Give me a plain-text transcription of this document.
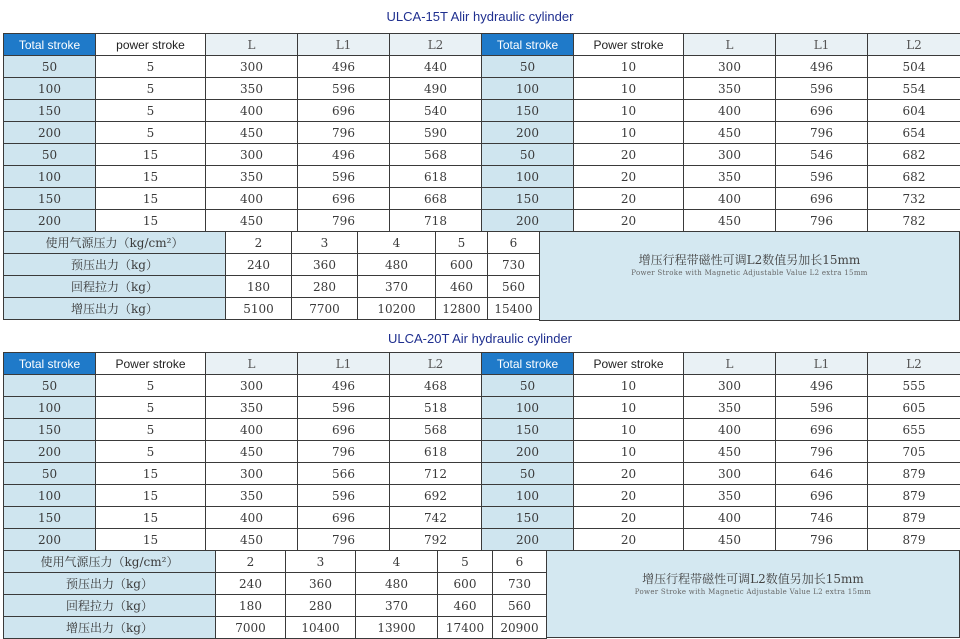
ULCA-15T Alir hydraulic cylinder
Total stroke	power stroke	L	L1	L2	Total stroke	Power stroke	L	L1	L2
50	5	300	496	440	50	10	300	496	504
100	5	350	596	490	100	10	350	596	554
150	5	400	696	540	150	10	400	696	604
200	5	450	796	590	200	10	450	796	654
50	15	300	496	568	50	20	300	546	682
100	15	350	596	618	100	20	350	596	682
150	15	400	696	668	150	20	400	696	732
200	15	450	796	718	200	20	450	796	782
使用气源压力（kg/cm²）	2	3	4	5	6
预压出力（kg）	240	360	480	600	730
回程拉力（kg）	180	280	370	460	560
增压出力（kg）	5100	7700	10200	12800	15400
增压行程带磁性可调L2数值另加长15mm
Power Stroke with Magnetic Adjustable Value L2 extra 15mm
ULCA-20T Air hydraulic cylinder
Total stroke	Power stroke	L	L1	L2	Total stroke	Power stroke	L	L1	L2
50	5	300	496	468	50	10	300	496	555
100	5	350	596	518	100	10	350	596	605
150	5	400	696	568	150	10	400	696	655
200	5	450	796	618	200	10	450	796	705
50	15	300	566	712	50	20	300	646	879
100	15	350	596	692	100	20	350	696	879
150	15	400	696	742	150	20	400	746	879
200	15	450	796	792	200	20	450	796	879
使用气源压力（kg/cm²）	2	3	4	5	6
预压出力（kg）	240	360	480	600	730
回程拉力（kg）	180	280	370	460	560
增压出力（kg）	7000	10400	13900	17400	20900
增压行程带磁性可调L2数值另加长15mm
Power Stroke with Magnetic Adjustable Value L2 extra 15mm
